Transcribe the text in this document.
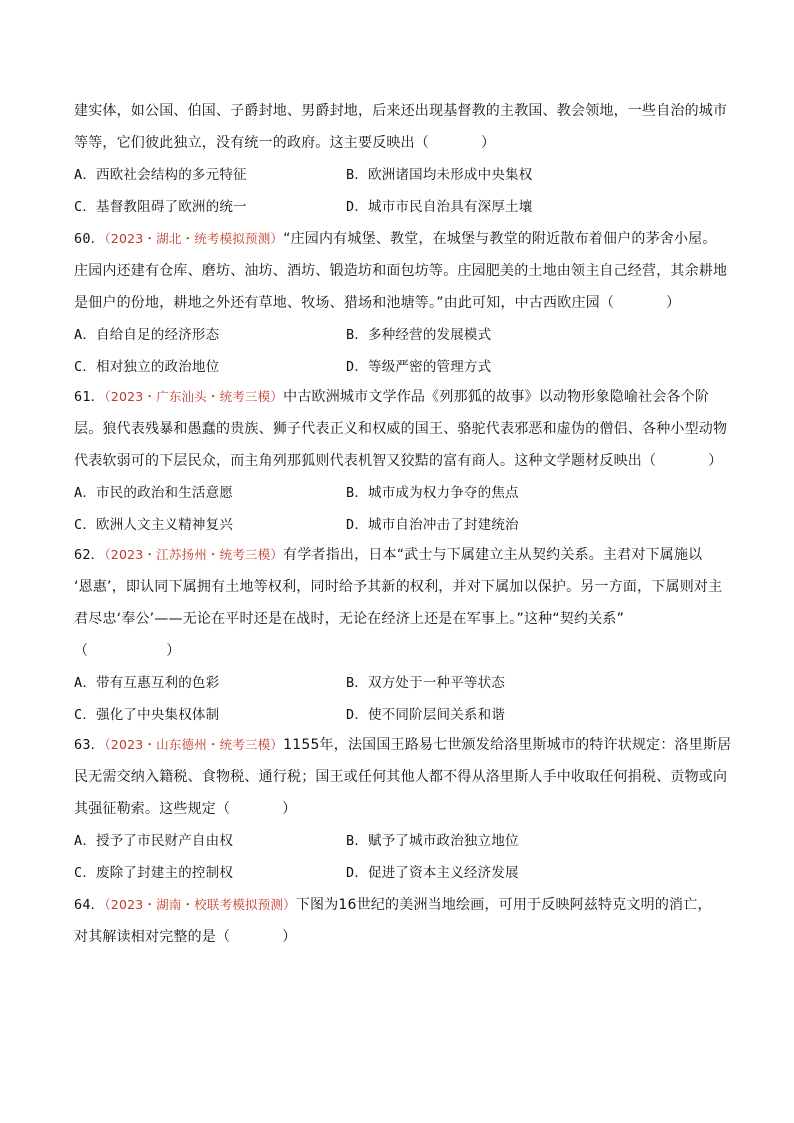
建实体，如公国、伯国、子爵封地、男爵封地，后来还出现基督教的主教国、教会领地，一些自治的城市
等等，它们彼此独立，没有统一的政府。这主要反映出（	）
A．西欧社会结构的多元特征	B．欧洲诸国均未形成中央集权
C．基督教阻碍了欧洲的统一	D．城市市民自治具有深厚土壤
60．（2023・湖北・统考模拟预测）“庄园内有城堡、教堂，在城堡与教堂的附近散布着佃户的茅舍小屋。
庄园内还建有仓库、磨坊、油坊、酒坊、锻造坊和面包坊等。庄园肥美的土地由领主自己经营，其余耕地
是佃户的份地，耕地之外还有草地、牧场、猎场和池塘等。”由此可知，中古西欧庄园（	）
A．自给自足的经济形态	B．多种经营的发展模式
C．相对独立的政治地位	D．等级严密的管理方式
61．（2023・广东汕头・统考三模）中古欧洲城市文学作品《列那狐的故事》以动物形象隐喻社会各个阶
层。狼代表残暴和愚蠢的贵族、狮子代表正义和权威的国王、骆驼代表邪恶和虚伪的僧侣、各种小型动物
代表软弱可的下层民众，而主角列那狐则代表机智又狡黠的富有商人。这种文学题材反映出（	）
A．市民的政治和生活意愿	B．城市成为权力争夺的焦点
C．欧洲人文主义精神复兴	D．城市自治冲击了封建统治
62．（2023・江苏扬州・统考三模）有学者指出，日本“武士与下属建立主从契约关系。主君对下属施以
‘恩惠’，即认同下属拥有土地等权利，同时给予其新的权利，并对下属加以保护。另一方面，下属则对主
君尽忠‘奉公’——无论在平时还是在战时，无论在经济上还是在军事上。”这种“契约关系”
（	）
A．带有互惠互利的色彩	B．双方处于一种平等状态
C．强化了中央集权体制	D．使不同阶层间关系和谐
63．（2023・山东德州・统考三模）1155年，法国国王路易七世颁发给洛里斯城市的特许状规定：洛里斯居
民无需交纳入籍税、食物税、通行税；国王或任何其他人都不得从洛里斯人手中收取任何捐税、贡物或向
其强征勒索。这些规定（	）
A．授予了市民财产自由权	B．赋予了城市政治独立地位
C．废除了封建主的控制权	D．促进了资本主义经济发展
64．（2023・湖南・校联考模拟预测）下图为16世纪的美洲当地绘画，可用于反映阿兹特克文明的消亡，
对其解读相对完整的是（	）
